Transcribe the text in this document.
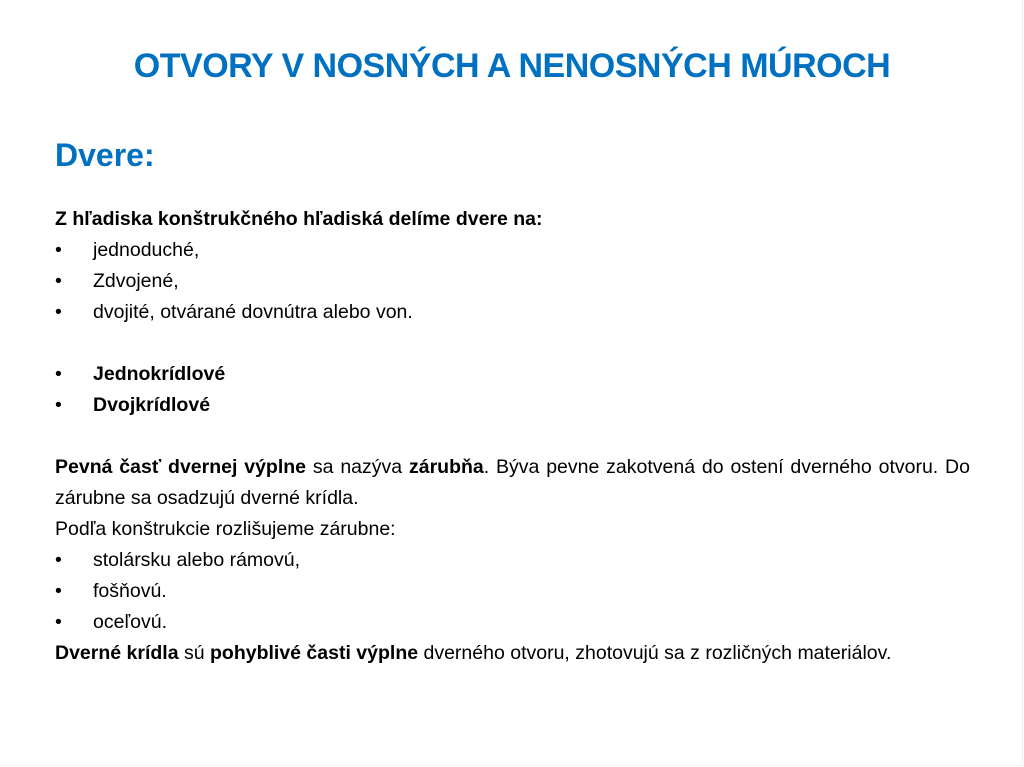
OTVORY V NOSNÝCH A NENOSNÝCH MÚROCH
Dvere:
Z hľadiska konštrukčného hľadiská delíme dvere na:
•	jednoduché,
•	Zdvojené,
•	dvojité, otvárané dovnútra alebo von.
•	Jednokrídlové
•	Dvojkrídlové
Pevná časť dvernej výplne sa nazýva zárubňa. Býva pevne zakotvená do ostení dverného otvoru. Do zárubne sa osadzujú dverné krídla.
Podľa konštrukcie rozlišujeme zárubne:
•	stolársku alebo rámovú,
•	fošňovú.
•	oceľovú.
Dverné krídla sú pohyblivé časti výplne dverného otvoru, zhotovujú sa z rozličných materiálov.
